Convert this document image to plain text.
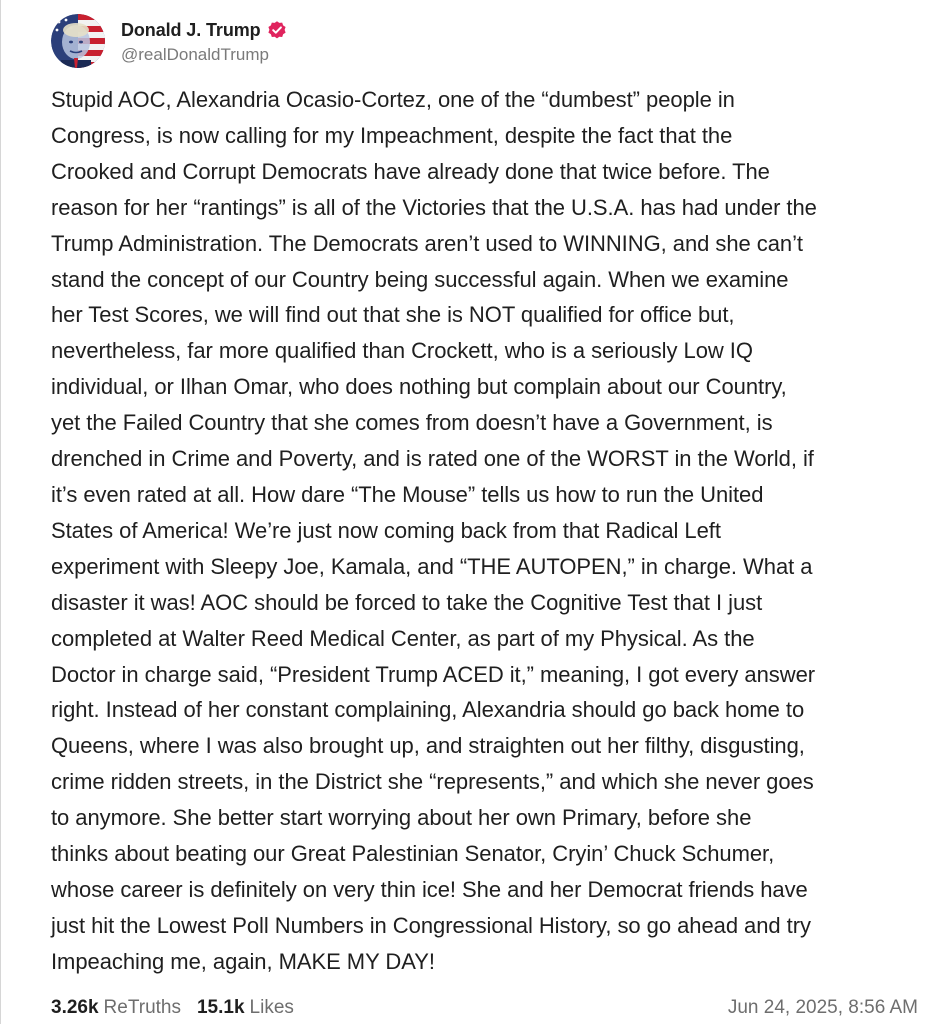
Donald J. Trump
@realDonaldTrump
Stupid AOC, Alexandria Ocasio-Cortez, one of the “dumbest” people in
Congress, is now calling for my Impeachment, despite the fact that the
Crooked and Corrupt Democrats have already done that twice before. The
reason for her “rantings” is all of the Victories that the U.S.A. has had under the
Trump Administration. The Democrats aren’t used to WINNING, and she can’t
stand the concept of our Country being successful again. When we examine
her Test Scores, we will find out that she is NOT qualified for office but,
nevertheless, far more qualified than Crockett, who is a seriously Low IQ
individual, or Ilhan Omar, who does nothing but complain about our Country,
yet the Failed Country that she comes from doesn’t have a Government, is
drenched in Crime and Poverty, and is rated one of the WORST in the World, if
it’s even rated at all. How dare “The Mouse” tells us how to run the United
States of America! We’re just now coming back from that Radical Left
experiment with Sleepy Joe, Kamala, and “THE AUTOPEN,” in charge. What a
disaster it was! AOC should be forced to take the Cognitive Test that I just
completed at Walter Reed Medical Center, as part of my Physical. As the
Doctor in charge said, “President Trump ACED it,” meaning, I got every answer
right. Instead of her constant complaining, Alexandria should go back home to
Queens, where I was also brought up, and straighten out her filthy, disgusting,
crime ridden streets, in the District she “represents,” and which she never goes
to anymore. She better start worrying about her own Primary, before she
thinks about beating our Great Palestinian Senator, Cryin’ Chuck Schumer,
whose career is definitely on very thin ice! She and her Democrat friends have
just hit the Lowest Poll Numbers in Congressional History, so go ahead and try
Impeaching me, again, MAKE MY DAY!
3.26k ReTruths 15.1k Likes	Jun 24, 2025, 8:56 AM
